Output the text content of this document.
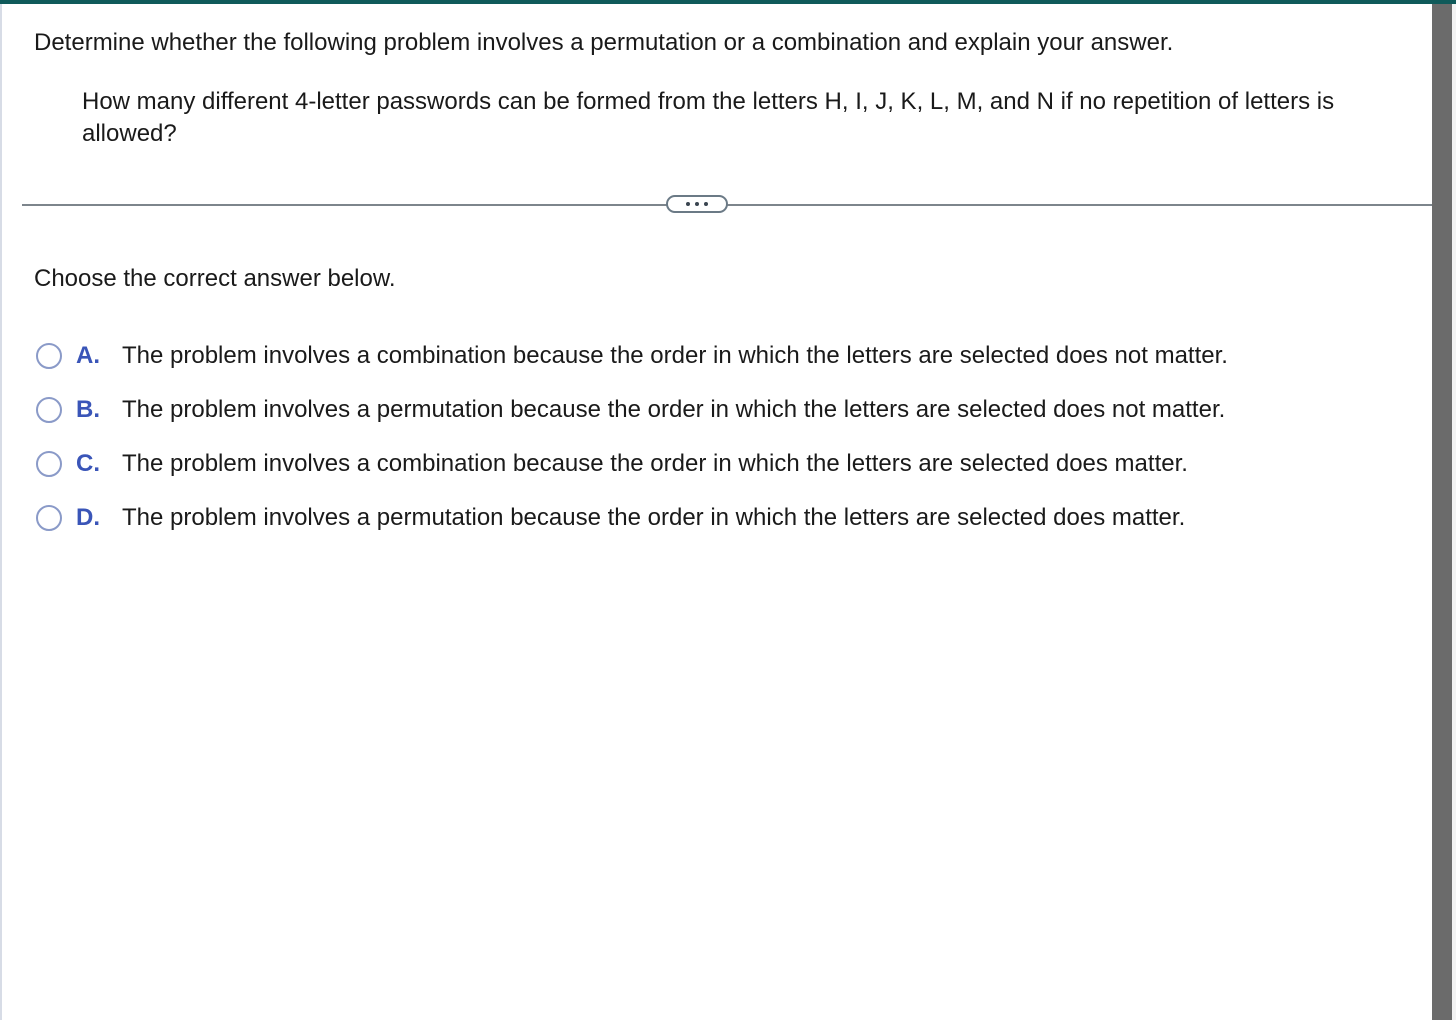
Determine whether the following problem involves a permutation or a combination and explain your answer.
How many different 4-letter passwords can be formed from the letters H, I, J, K, L, M, and N if no repetition of letters is allowed?
Choose the correct answer below.
A. The problem involves a combination because the order in which the letters are selected does not matter.
B. The problem involves a permutation because the order in which the letters are selected does not matter.
C. The problem involves a combination because the order in which the letters are selected does matter.
D. The problem involves a permutation because the order in which the letters are selected does matter.
